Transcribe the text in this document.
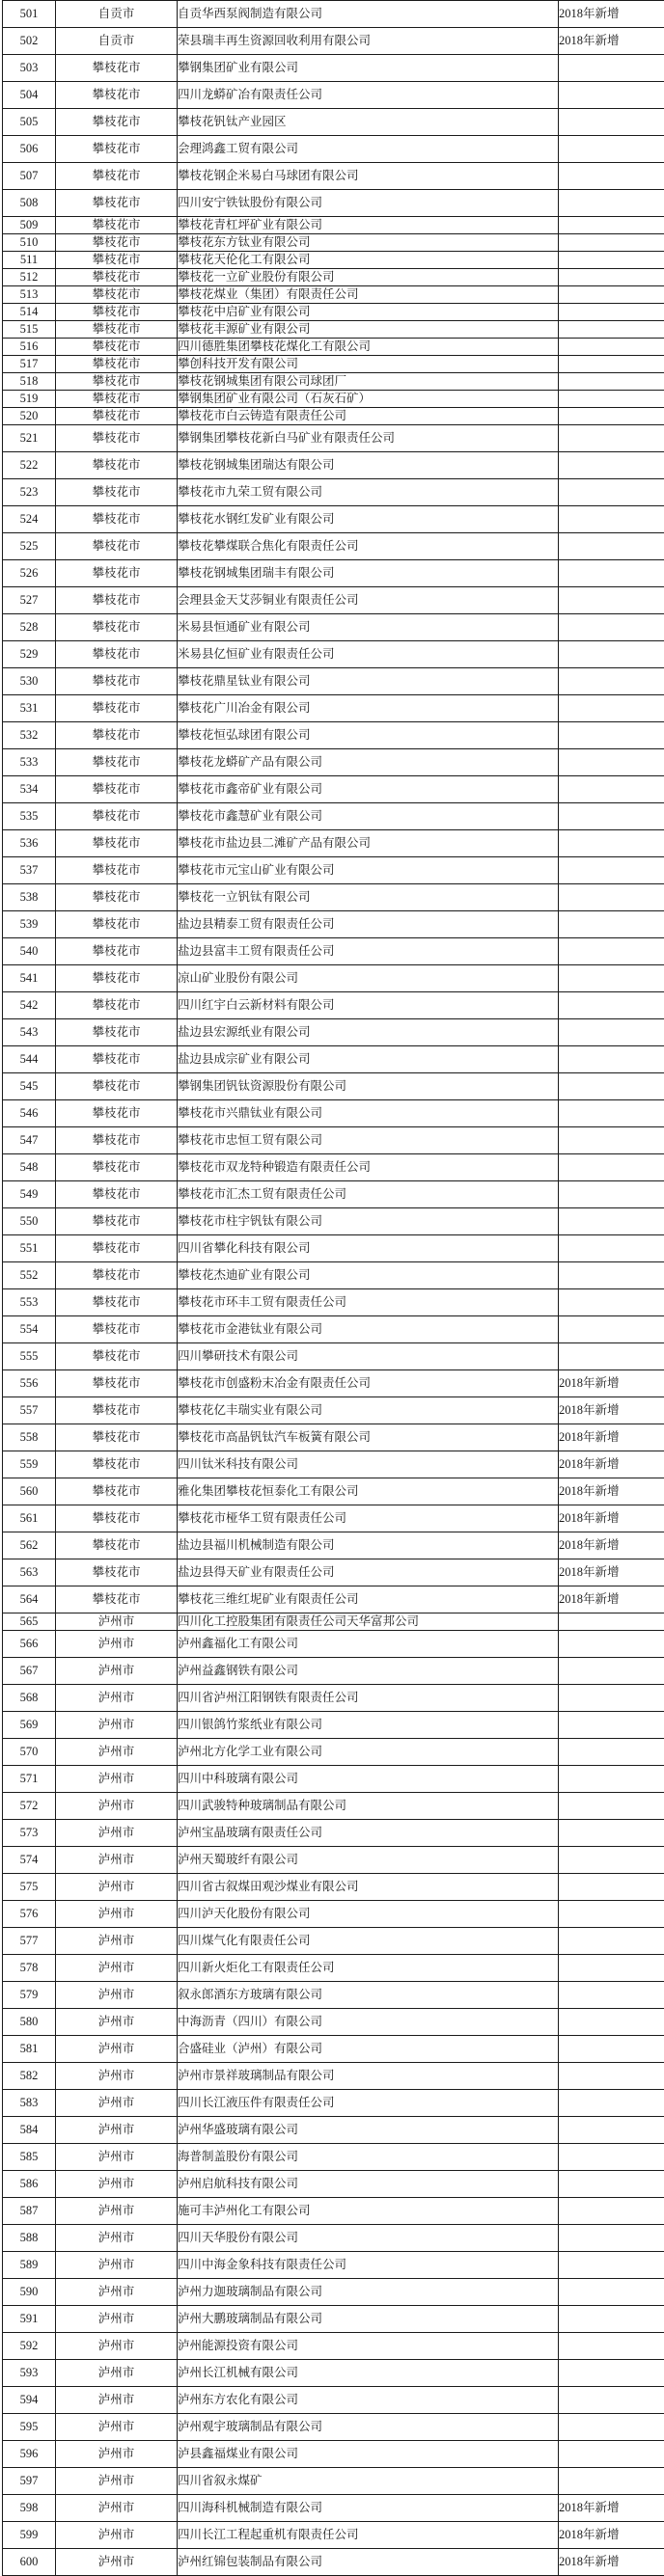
501	自贡市	自贡华西泵阀制造有限公司	2018年新增
502	自贡市	荣县瑞丰再生资源回收利用有限公司	2018年新增
503	攀枝花市	攀钢集团矿业有限公司	
504	攀枝花市	四川龙蟒矿冶有限责任公司	
505	攀枝花市	攀枝花钒钛产业园区	
506	攀枝花市	会理鸿鑫工贸有限公司	
507	攀枝花市	攀枝花钢企米易白马球团有限公司	
508	攀枝花市	四川安宁铁钛股份有限公司	
509	攀枝花市	攀枝花青杠坪矿业有限公司	
510	攀枝花市	攀枝花东方钛业有限公司	
511	攀枝花市	攀枝花天伦化工有限公司	
512	攀枝花市	攀枝花一立矿业股份有限公司	
513	攀枝花市	攀枝花煤业（集团）有限责任公司	
514	攀枝花市	攀枝花中启矿业有限公司	
515	攀枝花市	攀枝花丰源矿业有限公司	
516	攀枝花市	四川德胜集团攀枝花煤化工有限公司	
517	攀枝花市	攀创科技开发有限公司	
518	攀枝花市	攀枝花钢城集团有限公司球团厂	
519	攀枝花市	攀钢集团矿业有限公司（石灰石矿）	
520	攀枝花市	攀枝花市白云铸造有限责任公司	
521	攀枝花市	攀钢集团攀枝花新白马矿业有限责任公司	
522	攀枝花市	攀枝花钢城集团瑞达有限公司	
523	攀枝花市	攀枝花市九荣工贸有限公司	
524	攀枝花市	攀枝花水钢红发矿业有限公司	
525	攀枝花市	攀枝花攀煤联合焦化有限责任公司	
526	攀枝花市	攀枝花钢城集团瑞丰有限公司	
527	攀枝花市	会理县金天艾莎铜业有限责任公司	
528	攀枝花市	米易县恒通矿业有限公司	
529	攀枝花市	米易县亿恒矿业有限责任公司	
530	攀枝花市	攀枝花鼎星钛业有限公司	
531	攀枝花市	攀枝花广川冶金有限公司	
532	攀枝花市	攀枝花恒弘球团有限公司	
533	攀枝花市	攀枝花龙蟒矿产品有限公司	
534	攀枝花市	攀枝花市鑫帝矿业有限公司	
535	攀枝花市	攀枝花市鑫慧矿业有限公司	
536	攀枝花市	攀枝花市盐边县二滩矿产品有限公司	
537	攀枝花市	攀枝花市元宝山矿业有限公司	
538	攀枝花市	攀枝花一立钒钛有限公司	
539	攀枝花市	盐边县精泰工贸有限责任公司	
540	攀枝花市	盐边县富丰工贸有限责任公司	
541	攀枝花市	凉山矿业股份有限公司	
542	攀枝花市	四川红宇白云新材料有限公司	
543	攀枝花市	盐边县宏源纸业有限公司	
544	攀枝花市	盐边县成宗矿业有限公司	
545	攀枝花市	攀钢集团钒钛资源股份有限公司	
546	攀枝花市	攀枝花市兴鼎钛业有限公司	
547	攀枝花市	攀枝花市忠恒工贸有限公司	
548	攀枝花市	攀枝花市双龙特种锻造有限责任公司	
549	攀枝花市	攀枝花市汇杰工贸有限责任公司	
550	攀枝花市	攀枝花市柱宇钒钛有限公司	
551	攀枝花市	四川省攀化科技有限公司	
552	攀枝花市	攀枝花杰迪矿业有限公司	
553	攀枝花市	攀枝花市环丰工贸有限责任公司	
554	攀枝花市	攀枝花市金港钛业有限公司	
555	攀枝花市	四川攀研技术有限公司	
556	攀枝花市	攀枝花市创盛粉末冶金有限责任公司	2018年新增
557	攀枝花市	攀枝花亿丰瑞实业有限公司	2018年新增
558	攀枝花市	攀枝花市高晶钒钛汽车板簧有限公司	2018年新增
559	攀枝花市	四川钛米科技有限公司	2018年新增
560	攀枝花市	雅化集团攀枝花恒泰化工有限公司	2018年新增
561	攀枝花市	攀枝花市桠华工贸有限责任公司	2018年新增
562	攀枝花市	盐边县福川机械制造有限公司	2018年新增
563	攀枝花市	盐边县得天矿业有限责任公司	2018年新增
564	攀枝花市	攀枝花三维红坭矿业有限责任公司	2018年新增
565	泸州市	四川化工控股集团有限责任公司天华富邦公司	
566	泸州市	泸州鑫福化工有限公司	
567	泸州市	泸州益鑫钢铁有限公司	
568	泸州市	四川省泸州江阳钢铁有限责任公司	
569	泸州市	四川银鸽竹浆纸业有限公司	
570	泸州市	泸州北方化学工业有限公司	
571	泸州市	四川中科玻璃有限公司	
572	泸州市	四川武骏特种玻璃制品有限公司	
573	泸州市	泸州宝晶玻璃有限责任公司	
574	泸州市	泸州天蜀玻纤有限公司	
575	泸州市	四川省古叙煤田观沙煤业有限公司	
576	泸州市	四川泸天化股份有限公司	
577	泸州市	四川煤气化有限责任公司	
578	泸州市	四川新火炬化工有限责任公司	
579	泸州市	叙永郎酒东方玻璃有限公司	
580	泸州市	中海沥青（四川）有限公司	
581	泸州市	合盛硅业（泸州）有限公司	
582	泸州市	泸州市景祥玻璃制品有限公司	
583	泸州市	四川长江液压件有限责任公司	
584	泸州市	泸州华盛玻璃有限公司	
585	泸州市	海普制盖股份有限公司	
586	泸州市	泸州启航科技有限公司	
587	泸州市	施可丰泸州化工有限公司	
588	泸州市	四川天华股份有限公司	
589	泸州市	四川中海金象科技有限责任公司	
590	泸州市	泸州力迦玻璃制品有限公司	
591	泸州市	泸州大鹏玻璃制品有限公司	
592	泸州市	泸州能源投资有限公司	
593	泸州市	泸州长江机械有限公司	
594	泸州市	泸州东方农化有限公司	
595	泸州市	泸州观宇玻璃制品有限公司	
596	泸州市	泸县鑫福煤业有限公司	
597	泸州市	四川省叙永煤矿	
598	泸州市	四川海科机械制造有限公司	2018年新增
599	泸州市	四川长江工程起重机有限责任公司	2018年新增
600	泸州市	泸州红锦包装制品有限公司	2018年新增
